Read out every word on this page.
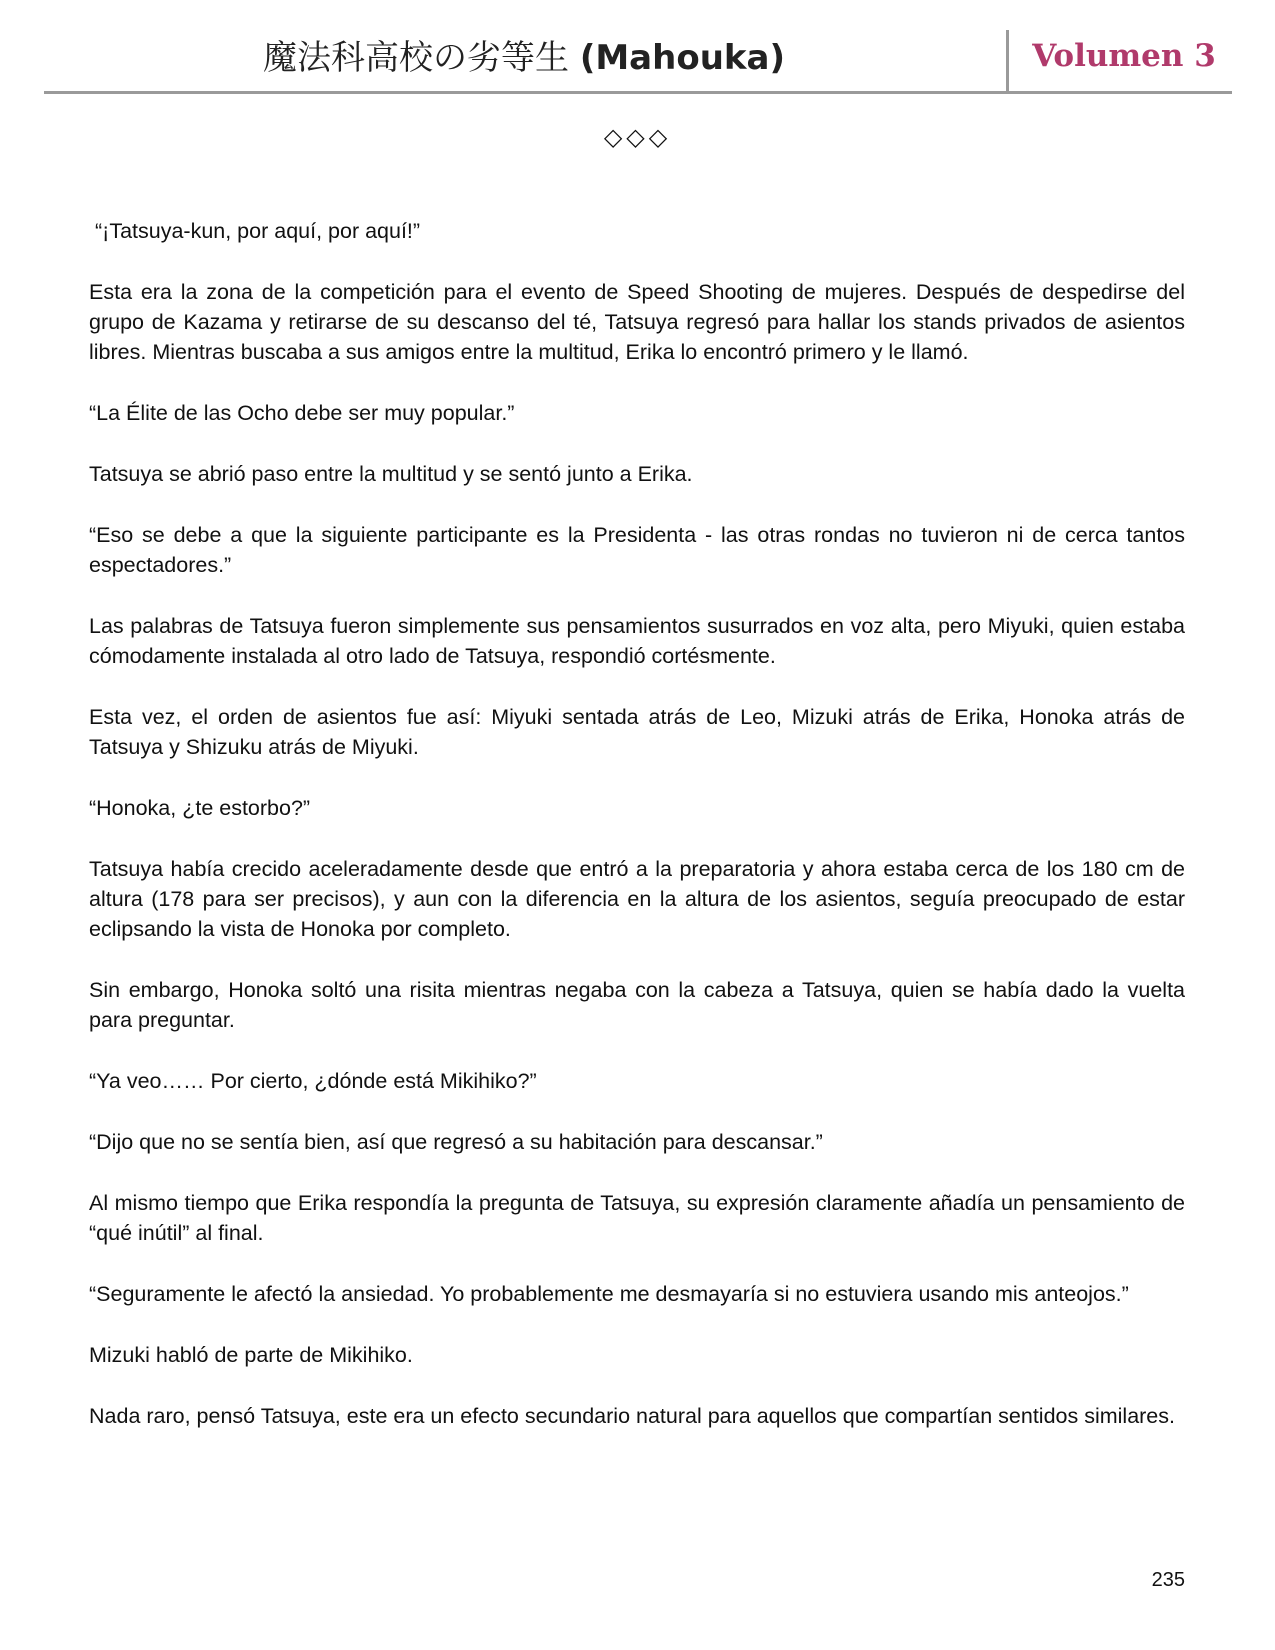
魔法科高校の劣等生 (Mahouka)	Volumen 3
◇◇◇

“¡Tatsuya-kun, por aquí, por aquí!”

Esta era la zona de la competición para el evento de Speed Shooting de mujeres. Después de despedirse del grupo de Kazama y retirarse de su descanso del té, Tatsuya regresó para hallar los stands privados de asientos libres. Mientras buscaba a sus amigos entre la multitud, Erika lo encontró primero y le llamó.

“La Élite de las Ocho debe ser muy popular.”

Tatsuya se abrió paso entre la multitud y se sentó junto a Erika.

“Eso se debe a que la siguiente participante es la Presidenta - las otras rondas no tuvieron ni de cerca tantos espectadores.”

Las palabras de Tatsuya fueron simplemente sus pensamientos susurrados en voz alta, pero Miyuki, quien estaba cómodamente instalada al otro lado de Tatsuya, respondió cortésmente.

Esta vez, el orden de asientos fue así: Miyuki sentada atrás de Leo, Mizuki atrás de Erika, Honoka atrás de Tatsuya y Shizuku atrás de Miyuki.

“Honoka, ¿te estorbo?”

Tatsuya había crecido aceleradamente desde que entró a la preparatoria y ahora estaba cerca de los 180 cm de altura (178 para ser precisos), y aun con la diferencia en la altura de los asientos, seguía preocupado de estar eclipsando la vista de Honoka por completo.

Sin embargo, Honoka soltó una risita mientras negaba con la cabeza a Tatsuya, quien se había dado la vuelta para preguntar.

“Ya veo…… Por cierto, ¿dónde está Mikihiko?”

“Dijo que no se sentía bien, así que regresó a su habitación para descansar.”

Al mismo tiempo que Erika respondía la pregunta de Tatsuya, su expresión claramente añadía un pensamiento de “qué inútil” al final.

“Seguramente le afectó la ansiedad. Yo probablemente me desmayaría si no estuviera usando mis anteojos.”

Mizuki habló de parte de Mikihiko.

Nada raro, pensó Tatsuya, este era un efecto secundario natural para aquellos que compartían sentidos similares.

235
